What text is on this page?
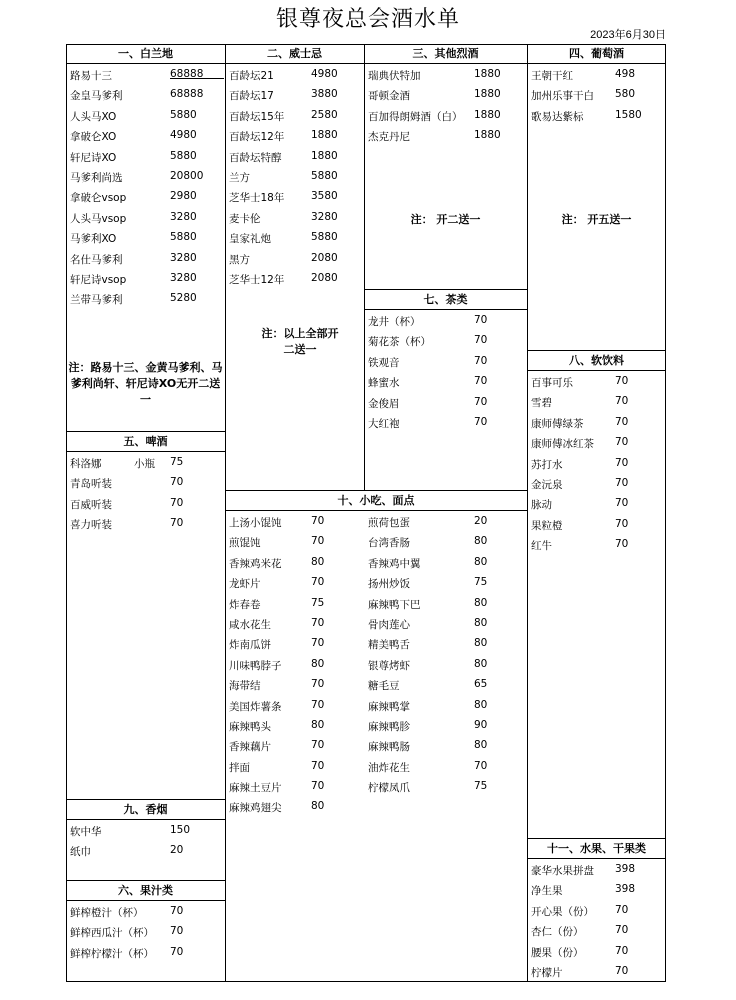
银尊夜总会酒水单
2023年6月30日
一、白兰地
路易十三	68888
金皇马爹利	68888
人头马XO	5880
拿破仑XO	4980
轩尼诗XO	5880
马爹利尚选	20800
拿破仑vsop	2980
人头马vsop	3280
马爹利XO	5880
名仕马爹利	3280
轩尼诗vsop	3280
兰带马爹利	5280
注：路易十三、金黄马爹利、马爹利尚轩、轩尼诗XO无开二送一
二、威士忌
百龄坛21	4980
百龄坛17	3880
百龄坛15年	2580
百龄坛12年	1880
百龄坛特醇	1880
兰方	5880
芝华士18年	3580
麦卡伦	3280
皇家礼炮	5880
黑方	2080
芝华士12年	2080
注：以上全部开二送一
三、其他烈酒
瑞典伏特加	1880
哥顿金酒	1880
百加得朗姆酒（白） 1880
杰克丹尼	1880
注： 开二送一
四、葡萄酒
王朝干红	498
加州乐事干白 580
歌易达紫标	1580
注： 开五送一
五、啤酒
科洛娜	小瓶 75
青岛听装	70
百威听装	70
喜力听装	70
七、茶类
龙井（杯）	70
菊花茶（杯）	70
铁观音	70
蜂蜜水	70
金俊眉	70
大红袍	70
八、软饮料
百事可乐	70
雪碧	70
康师傅绿茶	70
康师傅冰红茶 70
苏打水	70
金沅泉	70
脉动	70
果粒橙	70
红牛	70
十、小吃、面点
上汤小馄饨	70
煎馄饨	70
香辣鸡米花	80
龙虾片	70
炸春卷	75
咸水花生	70
炸南瓜饼	70
川味鸭脖子	80
海带结	70
美国炸薯条	70
麻辣鸭头	80
香辣藕片	70
拌面	70
麻辣土豆片	70
麻辣鸡翅尖	80
煎荷包蛋	20
台湾香肠	80
香辣鸡中翼	80
扬州炒饭	75
麻辣鸭下巴	80
骨肉莲心	80
精美鸭舌	80
银尊烤虾	80
糖毛豆	65
麻辣鸭掌	80
麻辣鸭胗	90
麻辣鸭肠	80
油炸花生	70
柠檬凤爪	75
九、香烟
软中华	150
纸巾	20
六、果汁类
鲜榨橙汁（杯）	70
鲜榨西瓜汁（杯） 70
鲜榨柠檬汁（杯） 70
十一、水果、干果类
豪华水果拼盘 398
净生果	398
开心果（份） 70
杏仁（份）	70
腰果（份）	70
柠檬片	70
